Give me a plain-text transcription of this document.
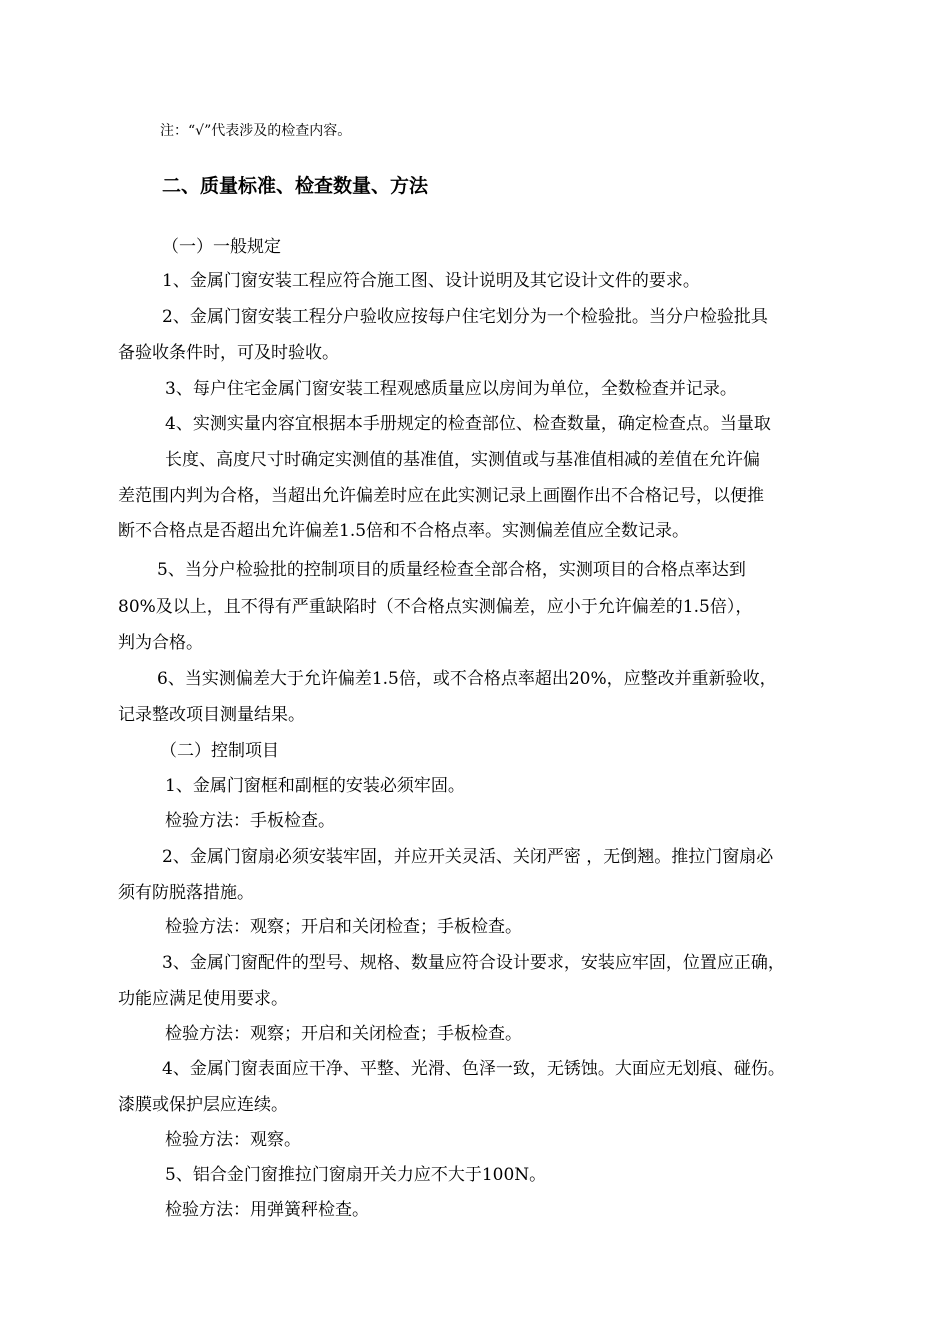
注：“√”代表涉及的检查内容。
二、质量标准、检查数量、方法
（一）一般规定
1、金属门窗安装工程应符合施工图、设计说明及其它设计文件的要求。
2、金属门窗安装工程分户验收应按每户住宅划分为一个检验批。当分户检验批具
备验收条件时，可及时验收。
3、每户住宅金属门窗安装工程观感质量应以房间为单位，全数检查并记录。
4、实测实量内容宜根据本手册规定的检查部位、检查数量，确定检查点。当量取
长度、高度尺寸时确定实测值的基准值，实测值或与基准值相减的差值在允许偏
差范围内判为合格，当超出允许偏差时应在此实测记录上画圈作出不合格记号，以便推
断不合格点是否超出允许偏差1.5倍和不合格点率。实测偏差值应全数记录。
5、当分户检验批的控制项目的质量经检查全部合格，实测项目的合格点率达到
80%及以上，且不得有严重缺陷时（不合格点实测偏差，应小于允许偏差的1.5倍），
判为合格。
6、当实测偏差大于允许偏差1.5倍，或不合格点率超出20%，应整改并重新验收，
记录整改项目测量结果。
（二）控制项目
1、金属门窗框和副框的安装必须牢固。
检验方法：手板检查。
2、金属门窗扇必须安装牢固，并应开关灵活、关闭严密 ，无倒翘。推拉门窗扇必
须有防脱落措施。
检验方法：观察；开启和关闭检查；手板检查。
3、金属门窗配件的型号、规格、数量应符合设计要求，安装应牢固，位置应正确，
功能应满足使用要求。
检验方法：观察；开启和关闭检查；手板检查。
4、金属门窗表面应干净、平整、光滑、色泽一致，无锈蚀。大面应无划痕、碰伤。
漆膜或保护层应连续。
检验方法：观察。
5、铝合金门窗推拉门窗扇开关力应不大于100N。
检验方法：用弹簧秤检查。
